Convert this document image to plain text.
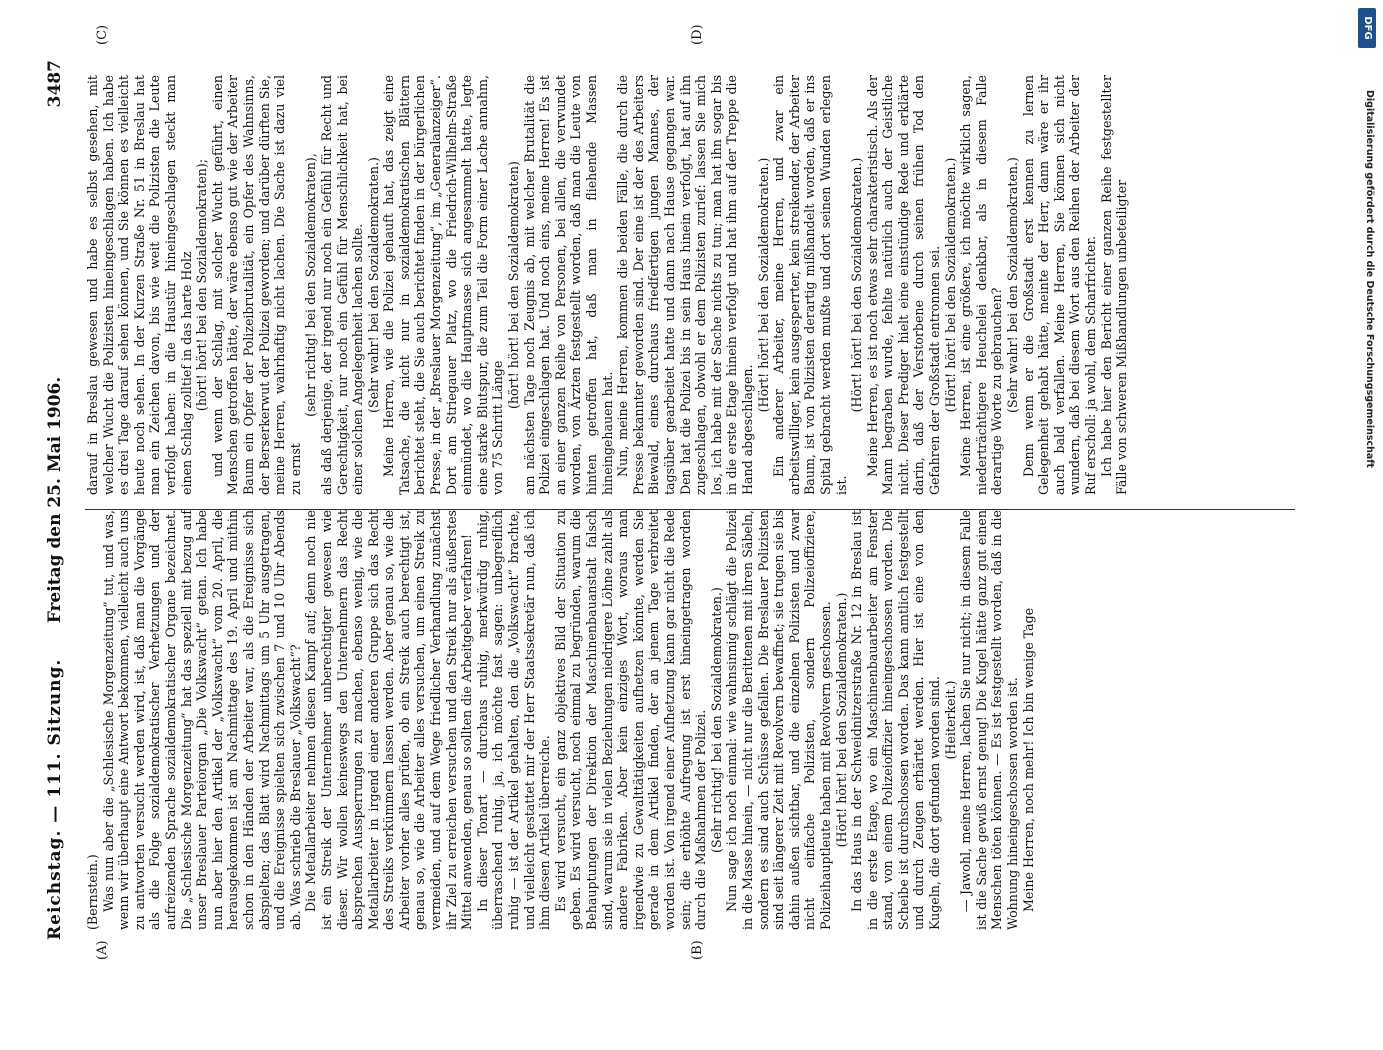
Reichstag. — 111. Sitzung.
Freitag den 25. Mai 1906.
3487
(A)	(B)
(C)	(D)

(Bernstein.) Was nun aber die „Schlesische Morgenzeitung“ tut, und was, wenn wir überhaupt eine Antwort bekommen, vielleicht auch uns zu antworten versucht werden wird, ist, daß man die Vorgänge als die Folge sozialdemokratischer Verhetzungen und der aufreizenden Sprache sozialdemokratischer Organe bezeichnet. Die „Schlesische Morgenzeitung“ hat das speziell mit bezug auf unser Breslauer Parteiorgan „Die Volkswacht“ getan. Ich habe nun aber hier den Artikel der „Volkswacht“ vom 20. April, die herausgekommen ist am Nachmittage des 19. April und mithin schon in den Händen der Arbeiter war, als die Ereignisse sich abspielten; das Blatt wird Nachmittags um 5 Uhr ausgetragen, und die Ereignisse spielten sich zwischen 7 und 10 Uhr Abends ab. Was schrieb die Breslauer „Volkswacht“? Die Metallarbeiter nehmen diesen Kampf auf; denn noch nie ist ein Streik der Unternehmer unberechtigter gewesen wie dieser. Wir wollen keineswegs den Unternehmern das Recht absprechen Aussperrungen zu machen, ebenso wenig, wie die Metallarbeiter in irgend einer anderen Gruppe sich das Recht des Streiks verkümmern lassen werden. Aber genau so, wie die Arbeiter vorher alles prüfen, ob ein Streik auch berechtigt ist, genau so, wie die Arbeiter alles versuchen, um einen Streik zu vermeiden, und auf dem Wege friedlicher Verhandlung zunächst ihr Ziel zu erreichen versuchen und den Streik nur als äußerstes Mittel anwenden, genau so sollten die Arbeitgeber verfahren! In dieser Tonart — durchaus ruhig, merkwürdig ruhig, überraschend ruhig, ja, ich möchte fast sagen: unbegreiflich ruhig — ist der Artikel gehalten, den die „Volkswacht“ brachte, und vielleicht gestattet mir der Herr Staatssekretär nun, daß ich ihm diesen Artikel überreiche. Es wird versucht, ein ganz objektives Bild der Situation zu geben. Es wird versucht, noch einmal zu begründen, warum die Behauptungen der Direktion der Maschinenbauanstalt falsch sind, warum sie in vielen Beziehungen niedrigere Löhne zahlt als andere Fabriken. Aber kein einziges Wort, woraus man irgendwie zu Gewalttätigkeiten aufhetzen könnte, werden Sie gerade in dem Artikel finden, der an jenem Tage verbreitet worden ist. Von irgend einer Aufhetzung kann gar nicht die Rede sein; die erhöhte Aufregung ist erst hineingetragen worden durch die Maßnahmen der Polizei. (Sehr richtig! bei den Sozialdemokraten.) Nun sage ich noch einmal: wie wahnsinnig schlägt die Polizei in die Masse hinein, — nicht nur die Berittenen mit ihren Säbeln, sondern es sind auch Schüsse gefallen. Die Breslauer Polizisten sind seit längerer Zeit mit Revolvern bewaffnet; sie trugen sie bis dahin außen sichtbar, und die einzelnen Polizisten und zwar nicht einfache Polizisten, sondern Polizeioffiziere, Polizeihauptleute haben mit Revolvern geschossen. (Hört! hört! bei den Sozialdemokraten.) In das Haus in der Schweidnitzerstraße Nr. 12 in Breslau ist in die erste Etage, wo ein Maschinenbauarbeiter am Fenster stand, von einem Polizeioffizier hineingeschossen worden. Die Scheibe ist durchschossen worden. Das kann amtlich festgestellt und durch Zeugen erhärtet werden. Hier ist eine von den Kugeln, die dort gefunden worden sind. (Heiterkeit.) — Jawohl, meine Herren, lachen Sie nur nicht; in diesem Falle ist die Sache gewiß ernst genug! Die Kugel hätte ganz gut einen Menschen töten können. — Es ist festgestellt worden, daß in die Wohnung hineingeschossen worden ist. Meine Herren, noch mehr! Ich bin wenige Tage

darauf in Breslau gewesen und habe es selbst gesehen, mit welcher Wucht die Polizisten hineingeschlagen haben. Ich habe es drei Tage darauf sehen können, und Sie können es vielleicht heute noch sehen. In der Kurzen Straße Nr. 51 in Breslau hat man ein Zeichen davon, bis wie weit die Polizisten die Leute verfolgt haben: in die Haustür hineingeschlagen steckt man einen Schlag zolltief in das harte Holz (hört! hört! bei den Sozialdemokraten); und wenn der Schlag, mit solcher Wucht geführt, einen Menschen getroffen hätte, der wäre ebenso gut wie der Arbeiter Baum ein Opfer der Polizeibrutalität, ein Opfer des Wahnsinns, der Berserkerwut der Polizei geworden; und darüber dürften Sie, meine Herren, wahrhaftig nicht lachen. Die Sache ist dazu viel zu ernst

(sehr richtig! bei den Sozialdemokraten), als daß derjenige, der irgend nur noch ein Gefühl für Recht und Gerechtigkeit, nur noch ein Gefühl für Menschlichkeit hat, bei einer solchen Angelegenheit lachen sollte. (Sehr wahr! bei den Sozialdemokraten.) Meine Herren, wie die Polizei gehauft hat, das zeigt eine Tatsache, die nicht nur in sozialdemokratischen Blättern berichtet steht, die Sie auch berichtet finden in der bürgerlichen Presse, in der „Breslauer Morgenzeitung“, im „Generalanzeiger“. Dort am Striegauer Platz, wo die Friedrich-Wilhelm-Straße einmündet, wo die Hauptmasse sich angesammelt hatte, legte eine starke Blutspur, die zum Teil die Form einer Lache annahm, von 75 Schritt Länge

(hört! hört! bei den Sozialdemokraten) am nächsten Tage noch Zeugnis ab, mit welcher Brutalität die Polizei eingeschlagen hat. Und noch eins, meine Herren! Es ist an einer ganzen Reihe von Personen, bei allen, die verwundet worden, von Ärzten festgestellt worden, daß man die Leute von hinten getroffen hat, daß man in fliehende Massen hineingehauen hat. Nun, meine Herren, kommen die beiden Fälle, die durch die Presse bekannter geworden sind. Der eine ist der des Arbeiters Biewald, eines durchaus friedfertigen jungen Mannes, der tagsüber gearbeitet hatte und dann nach Hause gegangen war. Den hat die Polizei bis in sein Haus hinein verfolgt, hat auf ihn zugeschlagen, obwohl er dem Polizisten zurief: lassen Sie mich los, ich habe mit der Sache nichts zu tun; man hat ihn sogar bis in die erste Etage hinein verfolgt und hat ihm auf der Treppe die Hand abgeschlagen.

(Hört! hört! bei den Sozialdemokraten.) Ein anderer Arbeiter, meine Herren, und zwar ein arbeitswilliger, kein ausgesperrter, kein streikender, der Arbeiter Baum, ist von Polizisten derartig mißhandelt worden, daß er ins Spital gebracht werden mußte und dort seinen Wunden erlegen ist.

(Hört! hört! bei den Sozialdemokraten.) Meine Herren, es ist noch etwas sehr charakteristisch. Als der Mann begraben wurde, fehlte natürlich auch der Geistliche nicht. Dieser Prediger hielt eine einstündige Rede und erklärte darin, daß der Verstorbene durch seinen frühen Tod den Gefahren der Großstadt entronnen sei. (Hört! hört! bei den Sozialdemokraten.) Meine Herren, ist eine größere, ich möchte wirklich sagen, niederträchtigere Heuchelei denkbar, als in diesem Falle derartige Worte zu gebrauchen? (Sehr wahr! bei den Sozialdemokraten.) Denn wenn er die Großstadt erst kennen zu lernen Gelegenheit gehabt hätte, meinte der Herr, dann wäre er ihr auch bald verfallen. Meine Herren, Sie können sich nicht wundern, daß bei diesem Wort aus den Reihen der Arbeiter der Ruf erscholl: ja wohl, dem Scharfrichter. Ich habe hier den Bericht einer ganzen Reihe festgestellter Fälle von schweren Mißhandlungen unbeteiligter

DFG
Digitalisierung gefördert durch die Deutsche Forschungsgemeinschaft
